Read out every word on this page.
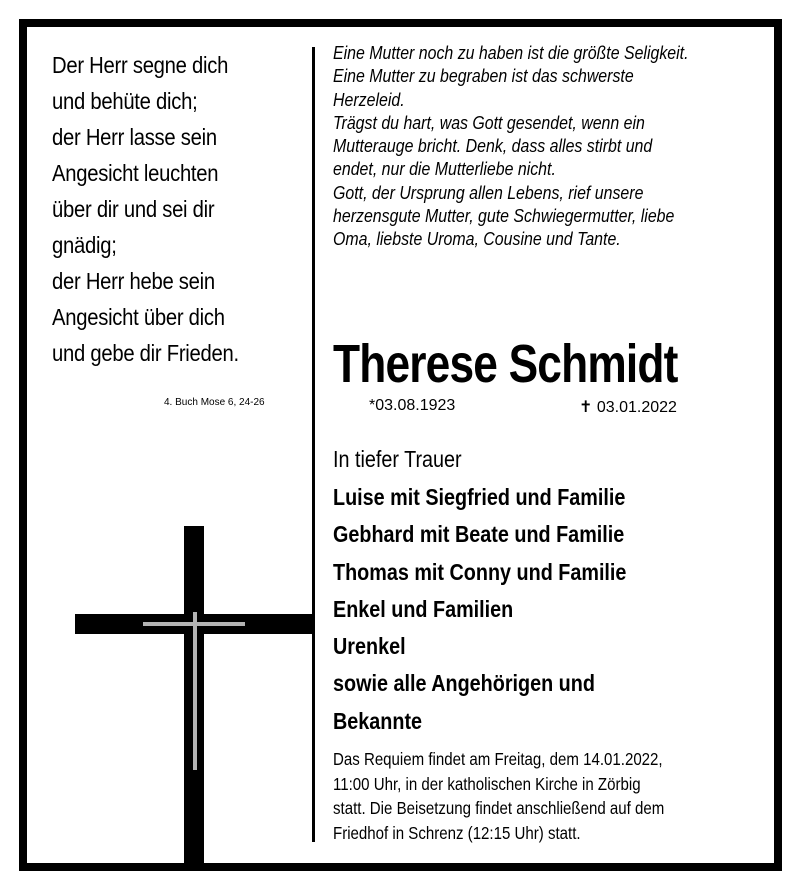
Der Herr segne dich
und behüte dich;
der Herr lasse sein
Angesicht leuchten
über dir und sei dir
gnädig;
der Herr hebe sein
Angesicht über dich
und gebe dir Frieden.
4. Buch Mose 6, 24-26
Eine Mutter noch zu haben ist die größte Seligkeit.
Eine Mutter zu begraben ist das schwerste
Herzeleid.
Trägst du hart, was Gott gesendet, wenn ein
Mutterauge bricht. Denk, dass alles stirbt und
endet, nur die Mutterliebe nicht.
Gott, der Ursprung allen Lebens, rief unsere
herzensgute Mutter, gute Schwiegermutter, liebe
Oma, liebste Uroma, Cousine und Tante.
Therese Schmidt
*03.08.1923	✝ 03.01.2022
In tiefer Trauer
Luise mit Siegfried und Familie
Gebhard mit Beate und Familie
Thomas mit Conny und Familie
Enkel und Familien
Urenkel
sowie alle Angehörigen und
Bekannte
Das Requiem findet am Freitag, dem 14.01.2022,
11:00 Uhr, in der katholischen Kirche in Zörbig
statt. Die Beisetzung findet anschließend auf dem
Friedhof in Schrenz (12:15 Uhr) statt.
